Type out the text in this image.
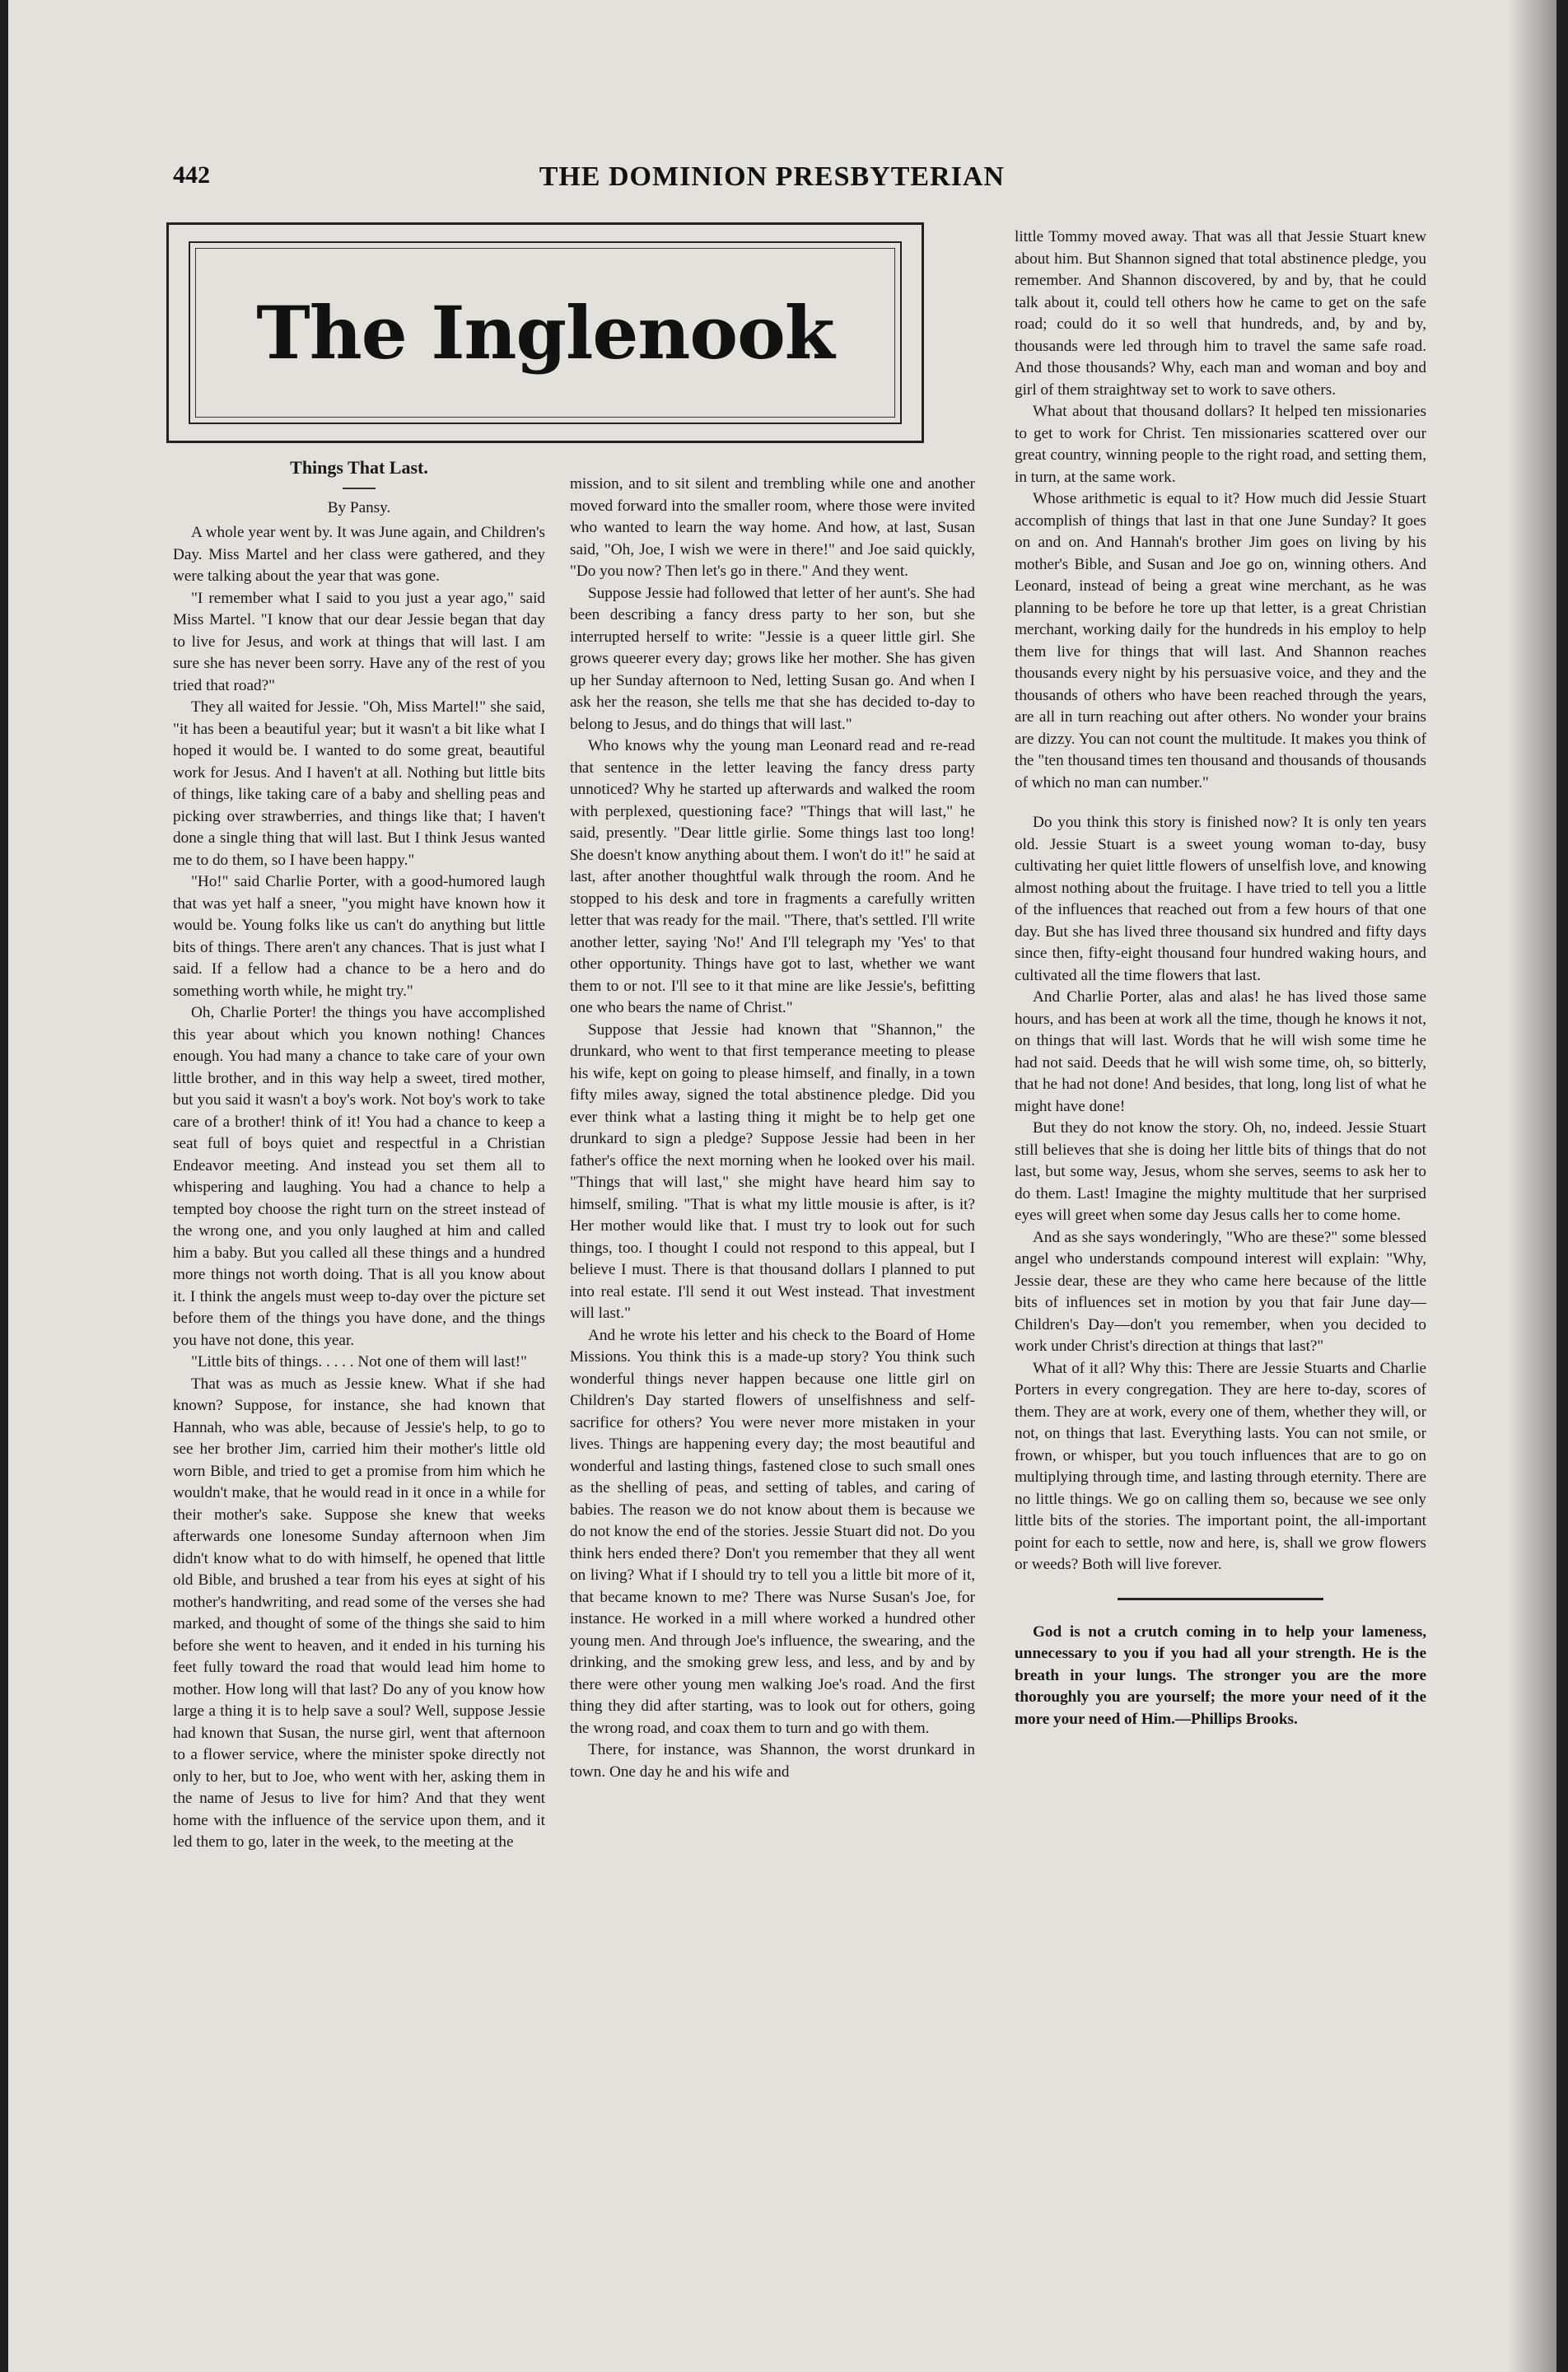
442	THE DOMINION PRESBYTERIAN
The Inglenook
Things That Last.
By Pansy.

A whole year went by. It was June again, and Children's Day. Miss Martel and her class were gathered, and they were talking about the year that was gone.

"I remember what I said to you just a year ago," said Miss Martel. "I know that our dear Jessie began that day to live for Jesus, and work at things that will last. I am sure she has never been sorry. Have any of the rest of you tried that road?"

They all waited for Jessie. "Oh, Miss Martel!" she said, "it has been a beautiful year; but it wasn't a bit like what I hoped it would be. I wanted to do some great, beautiful work for Jesus. And I haven't at all. Nothing but little bits of things, like taking care of a baby and shelling peas and picking over strawberries, and things like that; I haven't done a single thing that will last. But I think Jesus wanted me to do them, so I have been happy."

"Ho!" said Charlie Porter, with a good-humored laugh that was yet half a sneer, "you might have known how it would be. Young folks like us can't do anything but little bits of things. There aren't any chances. That is just what I said. If a fellow had a chance to be a hero and do something worth while, he might try."

Oh, Charlie Porter! the things you have accomplished this year about which you known nothing! Chances enough. You had many a chance to take care of your own little brother, and in this way help a sweet, tired mother, but you said it wasn't a boy's work. Not boy's work to take care of a brother! think of it! You had a chance to keep a seat full of boys quiet and respectful in a Christian Endeavor meeting. And instead you set them all to whispering and laughing. You had a chance to help a tempted boy choose the right turn on the street instead of the wrong one, and you only laughed at him and called him a baby. But you called all these things and a hundred more things not worth doing. That is all you know about it. I think the angels must weep to-day over the picture set before them of the things you have done, and the things you have not done, this year.

"Little bits of things. . . . . Not one of them will last!"

That was as much as Jessie knew. What if she had known? Suppose, for instance, she had known that Hannah, who was able, because of Jessie's help, to go to see her brother Jim, carried him their mother's little old worn Bible, and tried to get a promise from him which he wouldn't make, that he would read in it once in a while for their mother's sake. Suppose she knew that weeks afterwards one lonesome Sunday afternoon when Jim didn't know what to do with himself, he opened that little old Bible, and brushed a tear from his eyes at sight of his mother's handwriting, and read some of the verses she had marked, and thought of some of the things she said to him before she went to heaven, and it ended in his turning his feet fully toward the road that would lead him home to mother. How long will that last? Do any of you know how large a thing it is to help save a soul? Well, suppose Jessie had known that Susan, the nurse girl, went that afternoon to a flower service, where the minister spoke directly not only to her, but to Joe, who went with her, asking them in the name of Jesus to live for him? And that they went home with the influence of the service upon them, and it led them to go, later in the week, to the meeting at the

mission, and to sit silent and trembling while one and another moved forward into the smaller room, where those were invited who wanted to learn the way home. And how, at last, Susan said, "Oh, Joe, I wish we were in there!" and Joe said quickly, "Do you now? Then let's go in there." And they went.

Suppose Jessie had followed that letter of her aunt's. She had been describing a fancy dress party to her son, but she interrupted herself to write: "Jessie is a queer little girl. She grows queerer every day; grows like her mother. She has given up her Sunday afternoon to Ned, letting Susan go. And when I ask her the reason, she tells me that she has decided to-day to belong to Jesus, and do things that will last."

Who knows why the young man Leonard read and re-read that sentence in the letter leaving the fancy dress party unnoticed? Why he started up afterwards and walked the room with perplexed, questioning face? "Things that will last," he said, presently. "Dear little girlie. Some things last too long! She doesn't know anything about them. I won't do it!" he said at last, after another thoughtful walk through the room. And he stopped to his desk and tore in fragments a carefully written letter that was ready for the mail. "There, that's settled. I'll write another letter, saying 'No!' And I'll telegraph my 'Yes' to that other opportunity. Things have got to last, whether we want them to or not. I'll see to it that mine are like Jessie's, befitting one who bears the name of Christ."

Suppose that Jessie had known that "Shannon," the drunkard, who went to that first temperance meeting to please his wife, kept on going to please himself, and finally, in a town fifty miles away, signed the total abstinence pledge. Did you ever think what a lasting thing it might be to help get one drunkard to sign a pledge? Suppose Jessie had been in her father's office the next morning when he looked over his mail. "Things that will last," she might have heard him say to himself, smiling. "That is what my little mousie is after, is it? Her mother would like that. I must try to look out for such things, too. I thought I could not respond to this appeal, but I believe I must. There is that thousand dollars I planned to put into real estate. I'll send it out West instead. That investment will last."

And he wrote his letter and his check to the Board of Home Missions. You think this is a made-up story? You think such wonderful things never happen because one little girl on Children's Day started flowers of unselfishness and self-sacrifice for others? You were never more mistaken in your lives. Things are happening every day; the most beautiful and wonderful and lasting things, fastened close to such small ones as the shelling of peas, and setting of tables, and caring of babies. The reason we do not know about them is because we do not know the end of the stories. Jessie Stuart did not. Do you think hers ended there? Don't you remember that they all went on living? What if I should try to tell you a little bit more of it, that became known to me? There was Nurse Susan's Joe, for instance. He worked in a mill where worked a hundred other young men. And through Joe's influence, the swearing, and the drinking, and the smoking grew less, and less, and by and by there were other young men walking Joe's road. And the first thing they did after starting, was to look out for others, going the wrong road, and coax them to turn and go with them.

There, for instance, was Shannon, the worst drunkard in town. One day he and his wife and

little Tommy moved away. That was all that Jessie Stuart knew about him. But Shannon signed that total abstinence pledge, you remember. And Shannon discovered, by and by, that he could talk about it, could tell others how he came to get on the safe road; could do it so well that hundreds, and, by and by, thousands were led through him to travel the same safe road. And those thousands? Why, each man and woman and boy and girl of them straightway set to work to save others.

What about that thousand dollars? It helped ten missionaries to get to work for Christ. Ten missionaries scattered over our great country, winning people to the right road, and setting them, in turn, at the same work.

Whose arithmetic is equal to it? How much did Jessie Stuart accomplish of things that last in that one June Sunday? It goes on and on. And Hannah's brother Jim goes on living by his mother's Bible, and Susan and Joe go on, winning others. And Leonard, instead of being a great wine merchant, as he was planning to be before he tore up that letter, is a great Christian merchant, working daily for the hundreds in his employ to help them live for things that will last. And Shannon reaches thousands every night by his persuasive voice, and they and the thousands of others who have been reached through the years, are all in turn reaching out after others. No wonder your brains are dizzy. You can not count the multitude. It makes you think of the "ten thousand times ten thousand and thousands of thousands of which no man can number."

Do you think this story is finished now? It is only ten years old. Jessie Stuart is a sweet young woman to-day, busy cultivating her quiet little flowers of unselfish love, and knowing almost nothing about the fruitage. I have tried to tell you a little of the influences that reached out from a few hours of that one day. But she has lived three thousand six hundred and fifty days since then, fifty-eight thousand four hundred waking hours, and cultivated all the time flowers that last.

And Charlie Porter, alas and alas! he has lived those same hours, and has been at work all the time, though he knows it not, on things that will last. Words that he will wish some time he had not said. Deeds that he will wish some time, oh, so bitterly, that he had not done! And besides, that long, long list of what he might have done!

But they do not know the story. Oh, no, indeed. Jessie Stuart still believes that she is doing her little bits of things that do not last, but some way, Jesus, whom she serves, seems to ask her to do them. Last! Imagine the mighty multitude that her surprised eyes will greet when some day Jesus calls her to come home.

And as she says wonderingly, "Who are these?" some blessed angel who understands compound interest will explain: "Why, Jessie dear, these are they who came here because of the little bits of influences set in motion by you that fair June day—Children's Day—don't you remember, when you decided to work under Christ's direction at things that last?"

What of it all? Why this: There are Jessie Stuarts and Charlie Porters in every congregation. They are here to-day, scores of them. They are at work, every one of them, whether they will, or not, on things that last. Everything lasts. You can not smile, or frown, or whisper, but you touch influences that are to go on multiplying through time, and lasting through eternity. There are no little things. We go on calling them so, because we see only little bits of the stories. The important point, the all-important point for each to settle, now and here, is, shall we grow flowers or weeds? Both will live forever.

God is not a crutch coming in to help your lameness, unnecessary to you if you had all your strength. He is the breath in your lungs. The stronger you are the more thoroughly you are yourself; the more your need of it the more your need of Him.—Phillips Brooks.
